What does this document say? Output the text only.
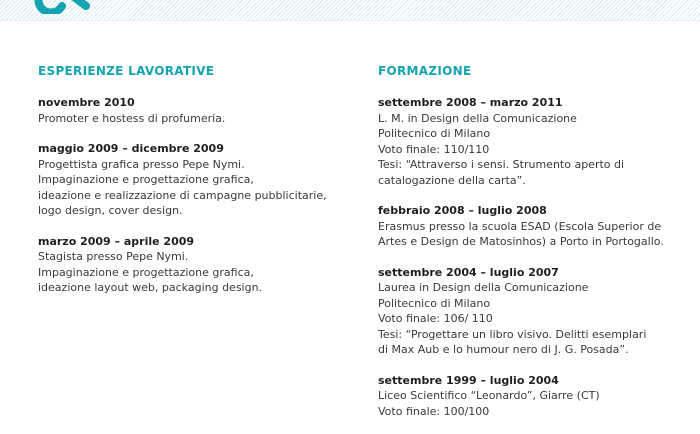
ESPERIENZE LAVORATIVE
novembre 2010
Promoter e hostess di profumeria.
maggio 2009 – dicembre 2009
Progettista grafica presso Pepe Nymi.
Impaginazione e progettazione grafica,
ideazione e realizzazione di campagne pubblicitarie,
logo design, cover design.
marzo 2009 – aprile 2009
Stagista presso Pepe Nymi.
Impaginazione e progettazione grafica,
ideazione layout web, packaging design.
FORMAZIONE
settembre 2008 – marzo 2011
L. M. in Design della Comunicazione
Politecnico di Milano
Voto finale: 110/110
Tesi: “Attraverso i sensi. Strumento aperto di
catalogazione della carta”.
febbraio 2008 – luglio 2008
Erasmus presso la scuola ESAD (Escola Superior de
Artes e Design de Matosinhos) a Porto in Portogallo.
settembre 2004 – luglio 2007
Laurea in Design della Comunicazione
Politecnico di Milano
Voto finale: 106/ 110
Tesi: “Progettare un libro visivo. Delitti esemplari
di Max Aub e lo humour nero di J. G. Posada”.
settembre 1999 – luglio 2004
Liceo Scientifico “Leonardo”, Giarre (CT)
Voto finale: 100/100
